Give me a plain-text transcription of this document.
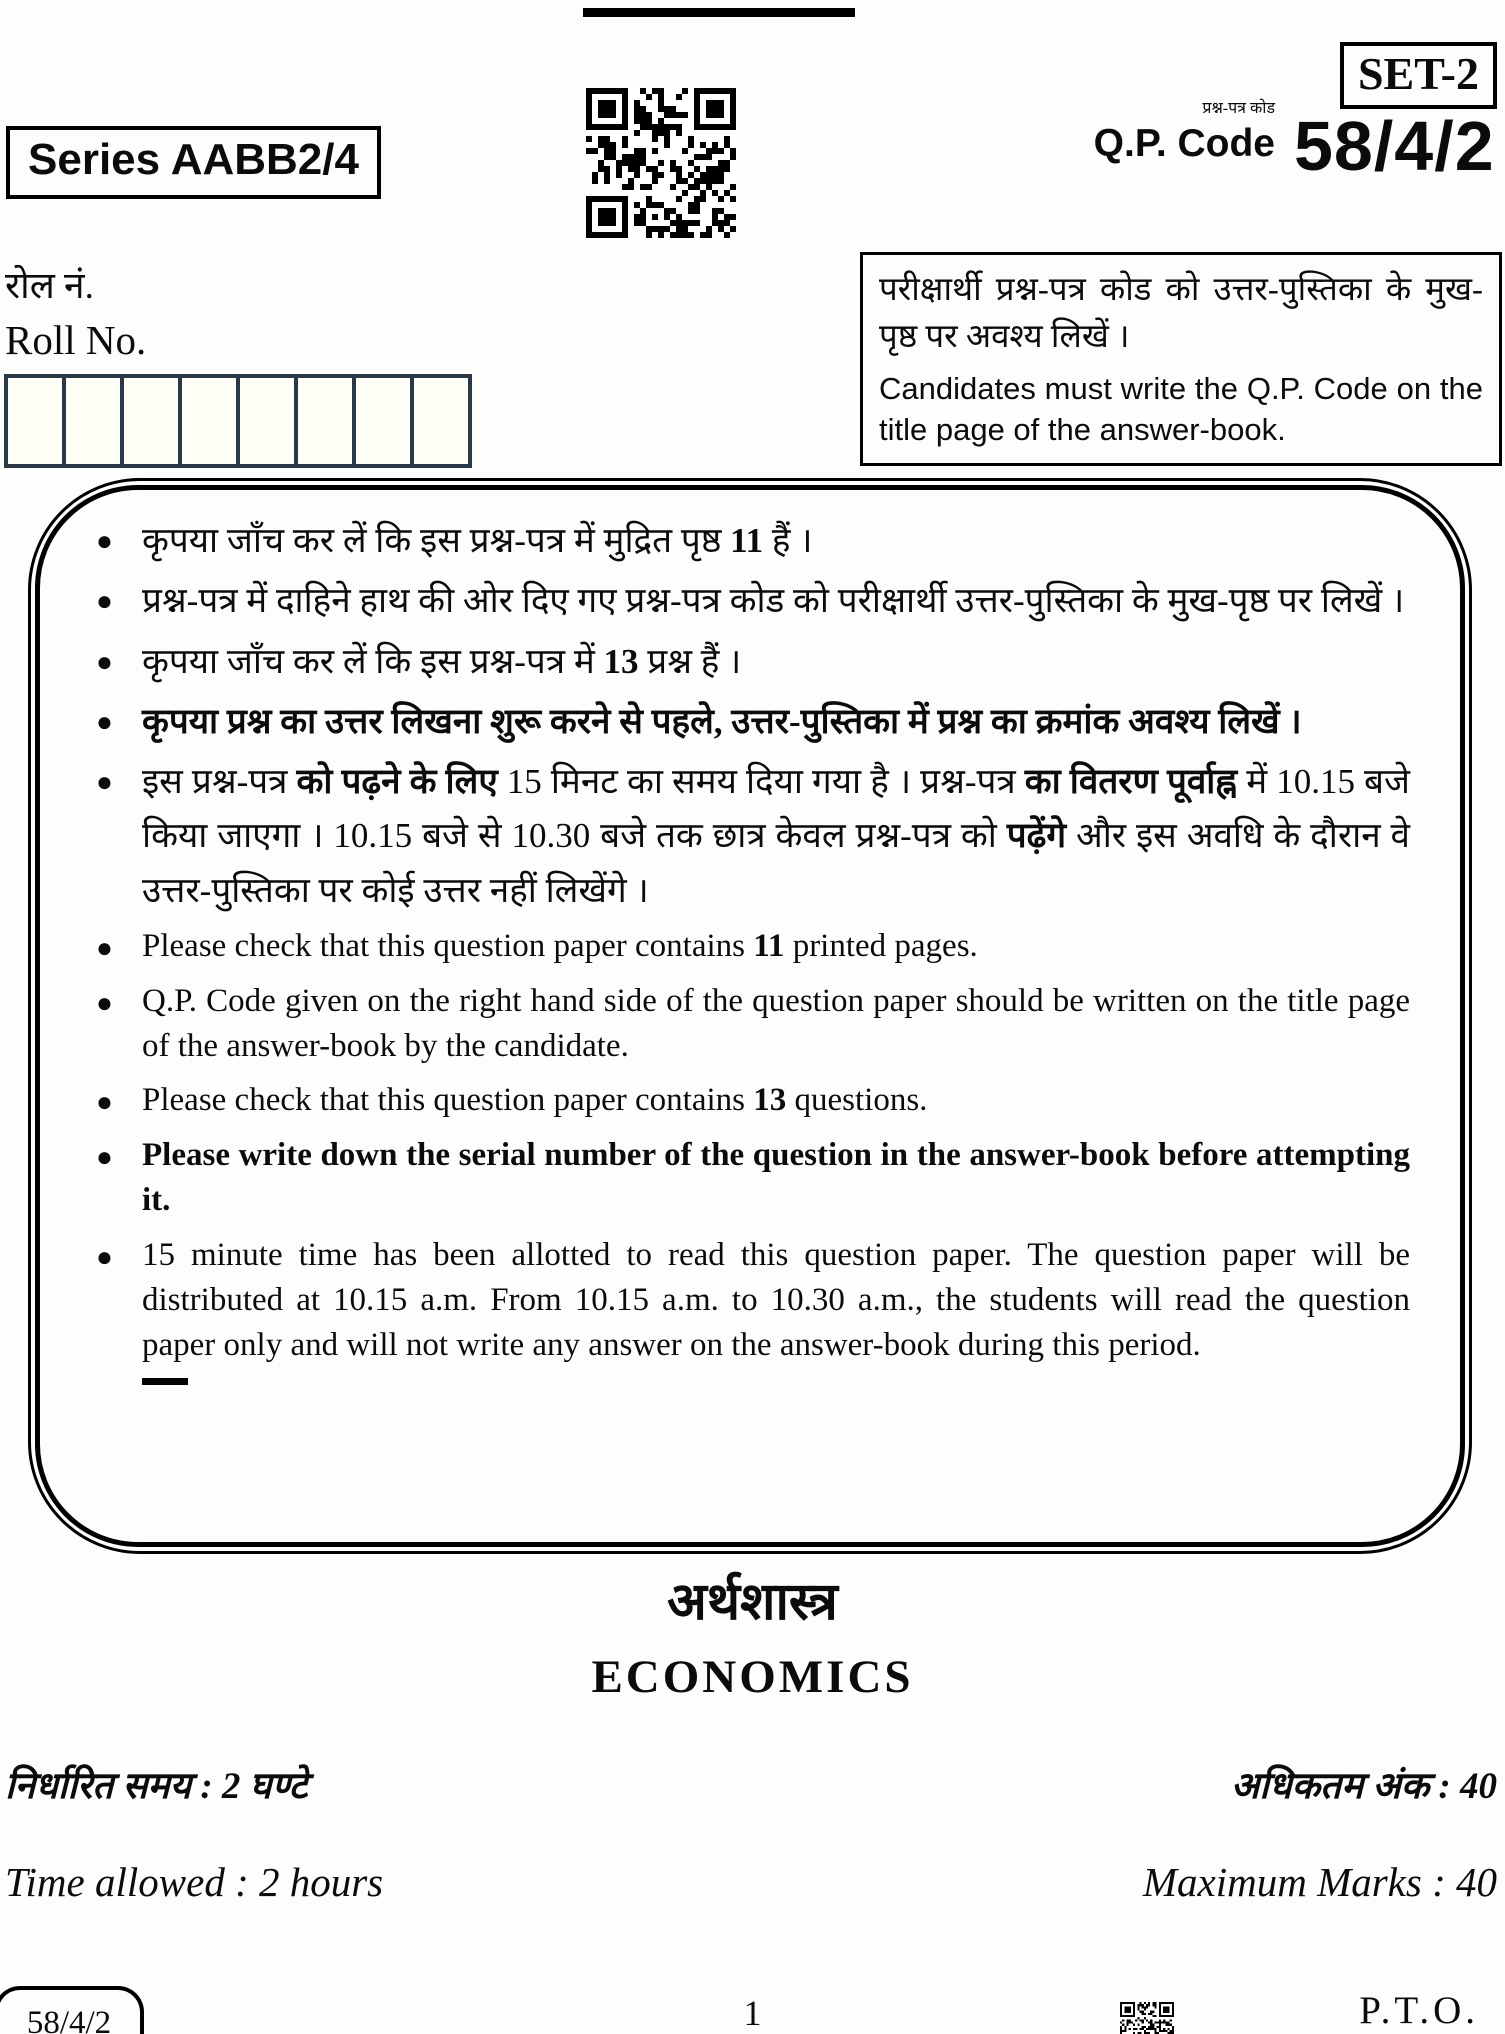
SET-2
Series AABB2/4
प्रश्न-पत्र कोड
Q.P. Code 58/4/2
रोल नं.
Roll No.

परीक्षार्थी प्रश्न-पत्र कोड को उत्तर-पुस्तिका के मुख-पृष्ठ पर अवश्य लिखें ।

Candidates must write the Q.P. Code on the title page of the answer-book.

● कृपया जाँच कर लें कि इस प्रश्न-पत्र में मुद्रित पृष्ठ 11 हैं ।

● प्रश्न-पत्र में दाहिने हाथ की ओर दिए गए प्रश्न-पत्र कोड को परीक्षार्थी उत्तर-पुस्तिका के मुख-पृष्ठ पर लिखें ।

● कृपया जाँच कर लें कि इस प्रश्न-पत्र में 13 प्रश्न हैं ।

● कृपया प्रश्न का उत्तर लिखना शुरू करने से पहले, उत्तर-पुस्तिका में प्रश्न का क्रमांक अवश्य लिखें ।

● इस प्रश्न-पत्र को पढ़ने के लिए 15 मिनट का समय दिया गया है । प्रश्न-पत्र का वितरण पूर्वाह्न में 10.15 बजे किया जाएगा । 10.15 बजे से 10.30 बजे तक छात्र केवल प्रश्न-पत्र को पढ़ेंगे और इस अवधि के दौरान वे उत्तर-पुस्तिका पर कोई उत्तर नहीं लिखेंगे ।

● Please check that this question paper contains 11 printed pages.

● Q.P. Code given on the right hand side of the question paper should be written on the title page of the answer-book by the candidate.

● Please check that this question paper contains 13 questions.

● Please write down the serial number of the question in the answer-book before attempting it.

● 15 minute time has been allotted to read this question paper. The question paper will be distributed at 10.15 a.m. From 10.15 a.m. to 10.30 a.m., the students will read the question paper only and will not write any answer on the answer-book during this period.

अर्थशास्त्र
ECONOMICS
निर्धारित समय : 2 घण्टे	अधिकतम अंक : 40
Time allowed : 2 hours	Maximum Marks : 40
58/4/2	1	P.T.O.
